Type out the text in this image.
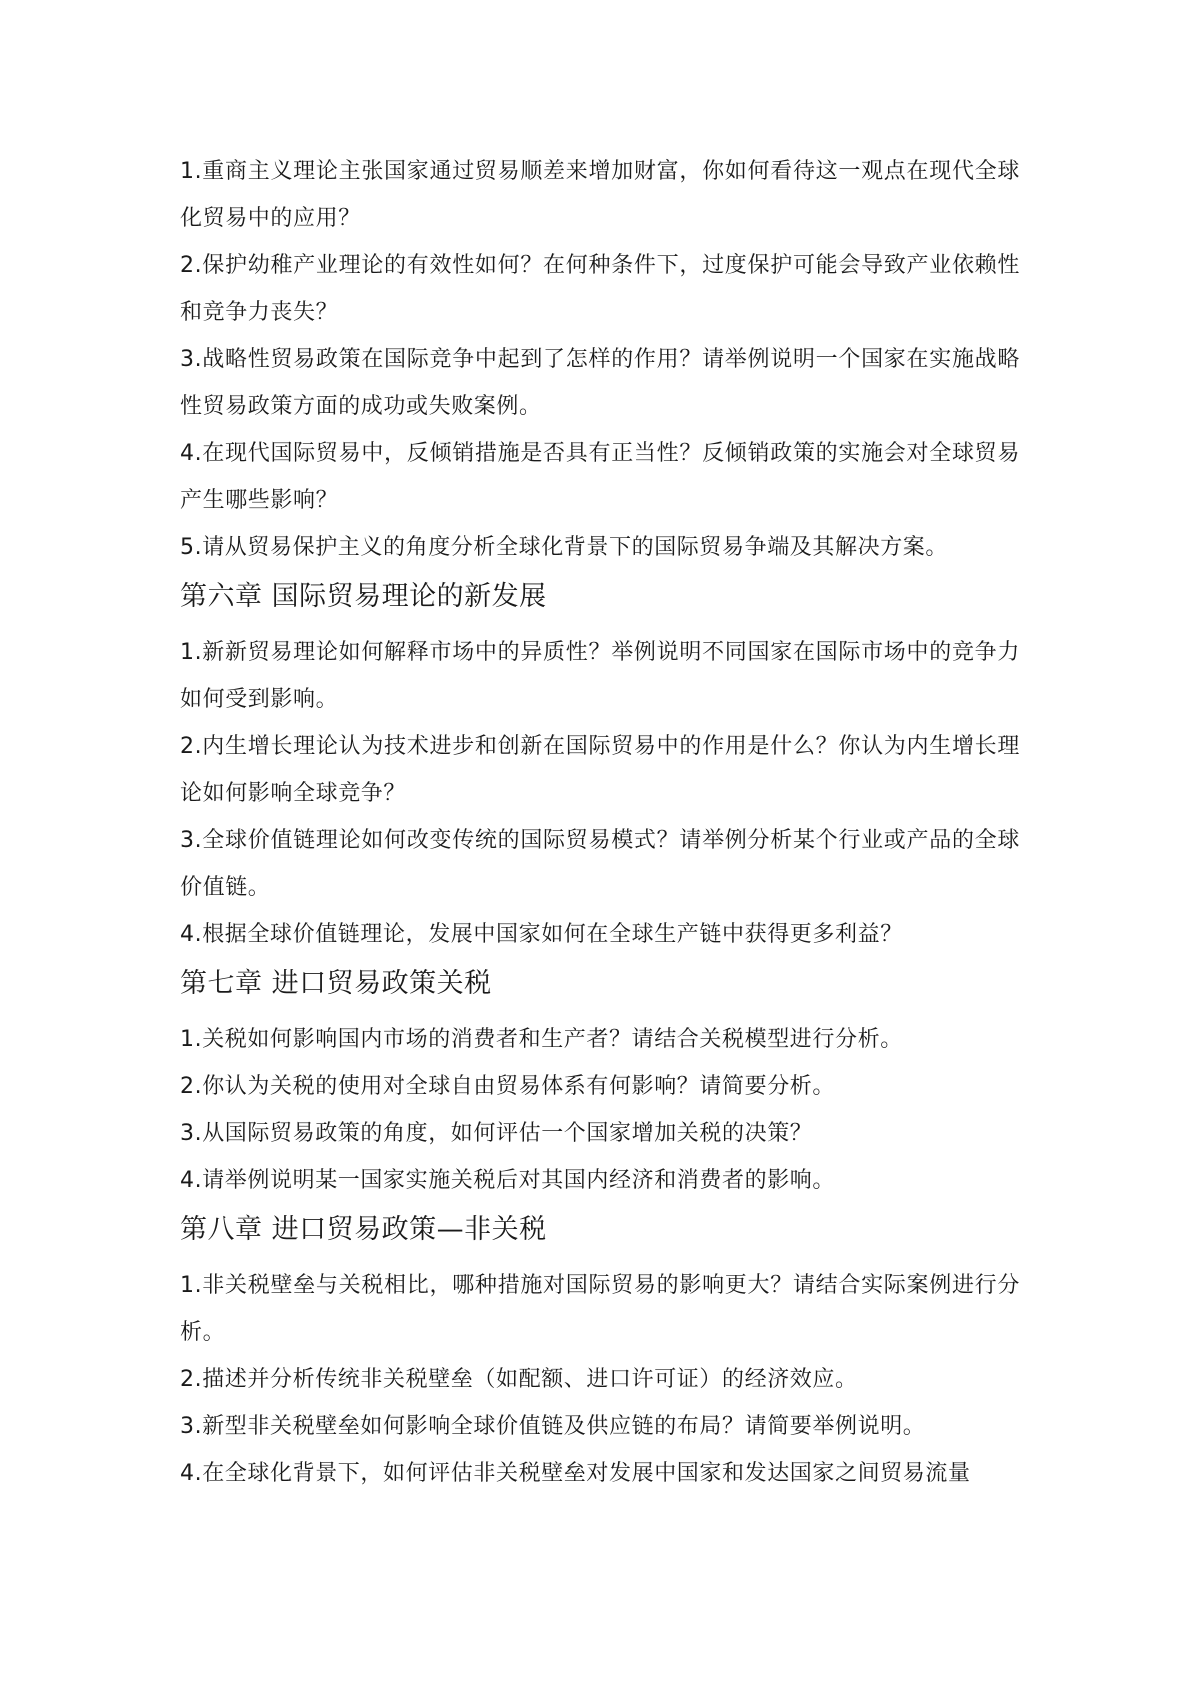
1.重商主义理论主张国家通过贸易顺差来增加财富，你如何看待这一观点在现代全球化贸易中的应用？

2.保护幼稚产业理论的有效性如何？在何种条件下，过度保护可能会导致产业依赖性和竞争力丧失？

3.战略性贸易政策在国际竞争中起到了怎样的作用？请举例说明一个国家在实施战略性贸易政策方面的成功或失败案例。

4.在现代国际贸易中，反倾销措施是否具有正当性？反倾销政策的实施会对全球贸易产生哪些影响？

5.请从贸易保护主义的角度分析全球化背景下的国际贸易争端及其解决方案。

第六章 国际贸易理论的新发展

1.新新贸易理论如何解释市场中的异质性？举例说明不同国家在国际市场中的竞争力如何受到影响。

2.内生增长理论认为技术进步和创新在国际贸易中的作用是什么？你认为内生增长理论如何影响全球竞争？

3.全球价值链理论如何改变传统的国际贸易模式？请举例分析某个行业或产品的全球价值链。

4.根据全球价值链理论，发展中国家如何在全球生产链中获得更多利益？

第七章 进口贸易政策关税

1.关税如何影响国内市场的消费者和生产者？请结合关税模型进行分析。

2.你认为关税的使用对全球自由贸易体系有何影响？请简要分析。

3.从国际贸易政策的角度，如何评估一个国家增加关税的决策？

4.请举例说明某一国家实施关税后对其国内经济和消费者的影响。

第八章 进口贸易政策—非关税

1.非关税壁垒与关税相比，哪种措施对国际贸易的影响更大？请结合实际案例进行分析。

2.描述并分析传统非关税壁垒（如配额、进口许可证）的经济效应。

3.新型非关税壁垒如何影响全球价值链及供应链的布局？请简要举例说明。

4.在全球化背景下，如何评估非关税壁垒对发展中国家和发达国家之间贸易流量
